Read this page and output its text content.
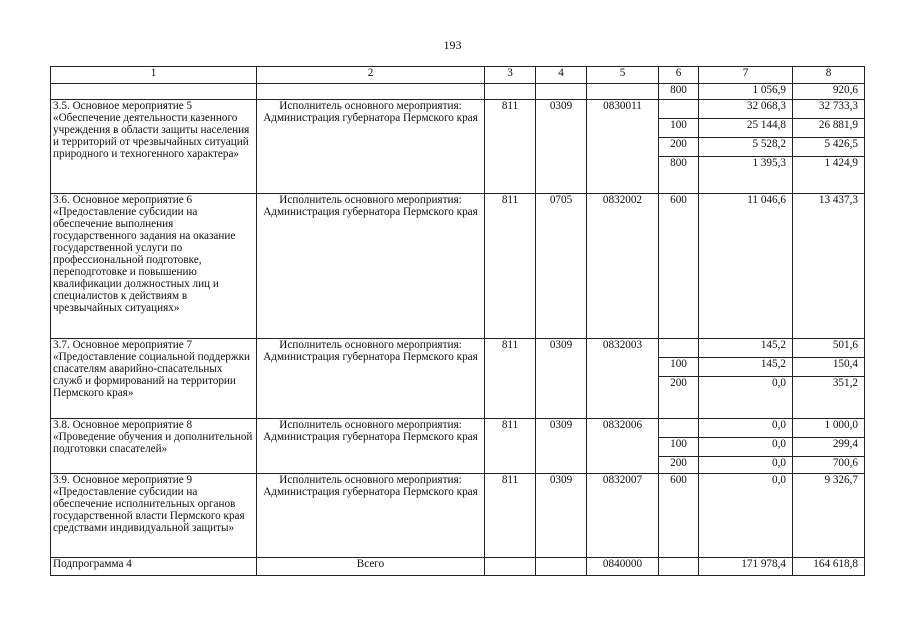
193
1	2	3	4	5	6	7	8
					800	1 056,9	920,6
3.5. Основное мероприятие 5 «Обеспечение деятельности казенного учреждения в области защиты населения и территорий от чрезвычайных ситуаций природного и техногенного характера»	Исполнитель основного мероприятия: Администрация губернатора Пермского края	811	0309	0830011		32 068,3	32 733,3
					100	25 144,8	26 881,9
					200	5 528,2	5 426,5
					800	1 395,3	1 424,9
3.6. Основное мероприятие 6 «Предоставление субсидии на обеспечение выполнения государственного задания на оказание государственной услуги по профессиональной подготовке, переподготовке и повышению квалификации должностных лиц и специалистов к действиям в чрезвычайных ситуациях»	Исполнитель основного мероприятия: Администрация губернатора Пермского края	811	0705	0832002	600	11 046,6	13 437,3
3.7. Основное мероприятие 7 «Предоставление социальной поддержки спасателям аварийно-спасательных служб и формирований на территории Пермского края»	Исполнитель основного мероприятия: Администрация губернатора Пермского края	811	0309	0832003		145,2	501,6
					100	145,2	150,4
					200	0,0	351,2
3.8. Основное мероприятие 8 «Проведение обучения и дополнительной подготовки спасателей»	Исполнитель основного мероприятия: Администрация губернатора Пермского края	811	0309	0832006		0,0	1 000,0
					100	0,0	299,4
					200	0,0	700,6
3.9. Основное мероприятие 9 «Предоставление субсидии на обеспечение исполнительных органов государственной власти Пермского края средствами индивидуальной защиты»	Исполнитель основного мероприятия: Администрация губернатора Пермского края	811	0309	0832007	600	0,0	9 326,7
Подпрограмма 4	Всего			0840000		171 978,4	164 618,8
